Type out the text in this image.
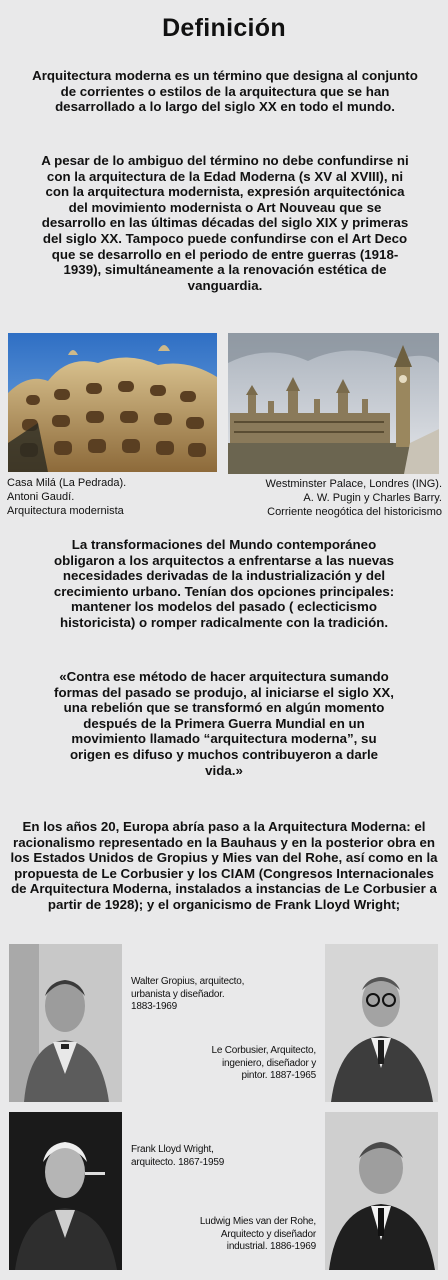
Definición
Arquitectura moderna es un término que designa al conjunto de corrientes o estilos de la arquitectura que se han desarrollado a lo largo del siglo XX en todo el mundo.
A pesar de lo ambiguo del término no debe confundirse ni con la arquitectura de la Edad Moderna (s XV al XVIII), ni con la arquitectura modernista, expresión arquitectónica del movimiento modernista o Art Nouveau que se desarrollo en las últimas décadas del siglo XIX y primeras del siglo XX. Tampoco puede confundirse con el Art Deco que se desarrollo en el periodo de entre guerras (1918-1939), simultáneamente a la renovación estética de vanguardia.
Casa Milá (La Pedrada).
Antoni Gaudí.
Arquitectura modernista
Westminster Palace, Londres (ING).
A. W. Pugin y Charles Barry.
Corriente neogótica del historicismo
La transformaciones del Mundo contemporáneo obligaron a los arquitectos a enfrentarse a las nuevas necesidades derivadas de la industrialización y del crecimiento urbano. Tenían dos opciones principales: mantener los modelos del pasado ( eclecticismo historicista) o romper radicalmente con la tradición.
«Contra ese método de hacer arquitectura sumando formas del pasado se produjo, al iniciarse el siglo XX, una rebelión que se transformó en algún momento después de la Primera Guerra Mundial en un movimiento llamado “arquitectura moderna”, su origen es difuso y muchos contribuyeron a darle vida.»
En los años 20, Europa abría paso a la Arquitectura Moderna: el racionalismo representado en la Bauhaus y en la posterior obra en los Estados Unidos de Gropius y Mies van del Rohe, así como en la propuesta de Le Corbusier y los CIAM (Congresos Internacionales de Arquitectura Moderna, instalados a instancias de Le Corbusier a partir de 1928); y el organicismo de Frank Lloyd Wright;
Walter Gropius, arquitecto,
urbanista y diseñador.
1883-1969
Le Corbusier, Arquitecto,
ingeniero, diseñador y
pintor. 1887-1965
Frank Lloyd Wright,
arquitecto. 1867-1959
Ludwig Mies van der Rohe,
Arquitecto y diseñador
industrial. 1886-1969
